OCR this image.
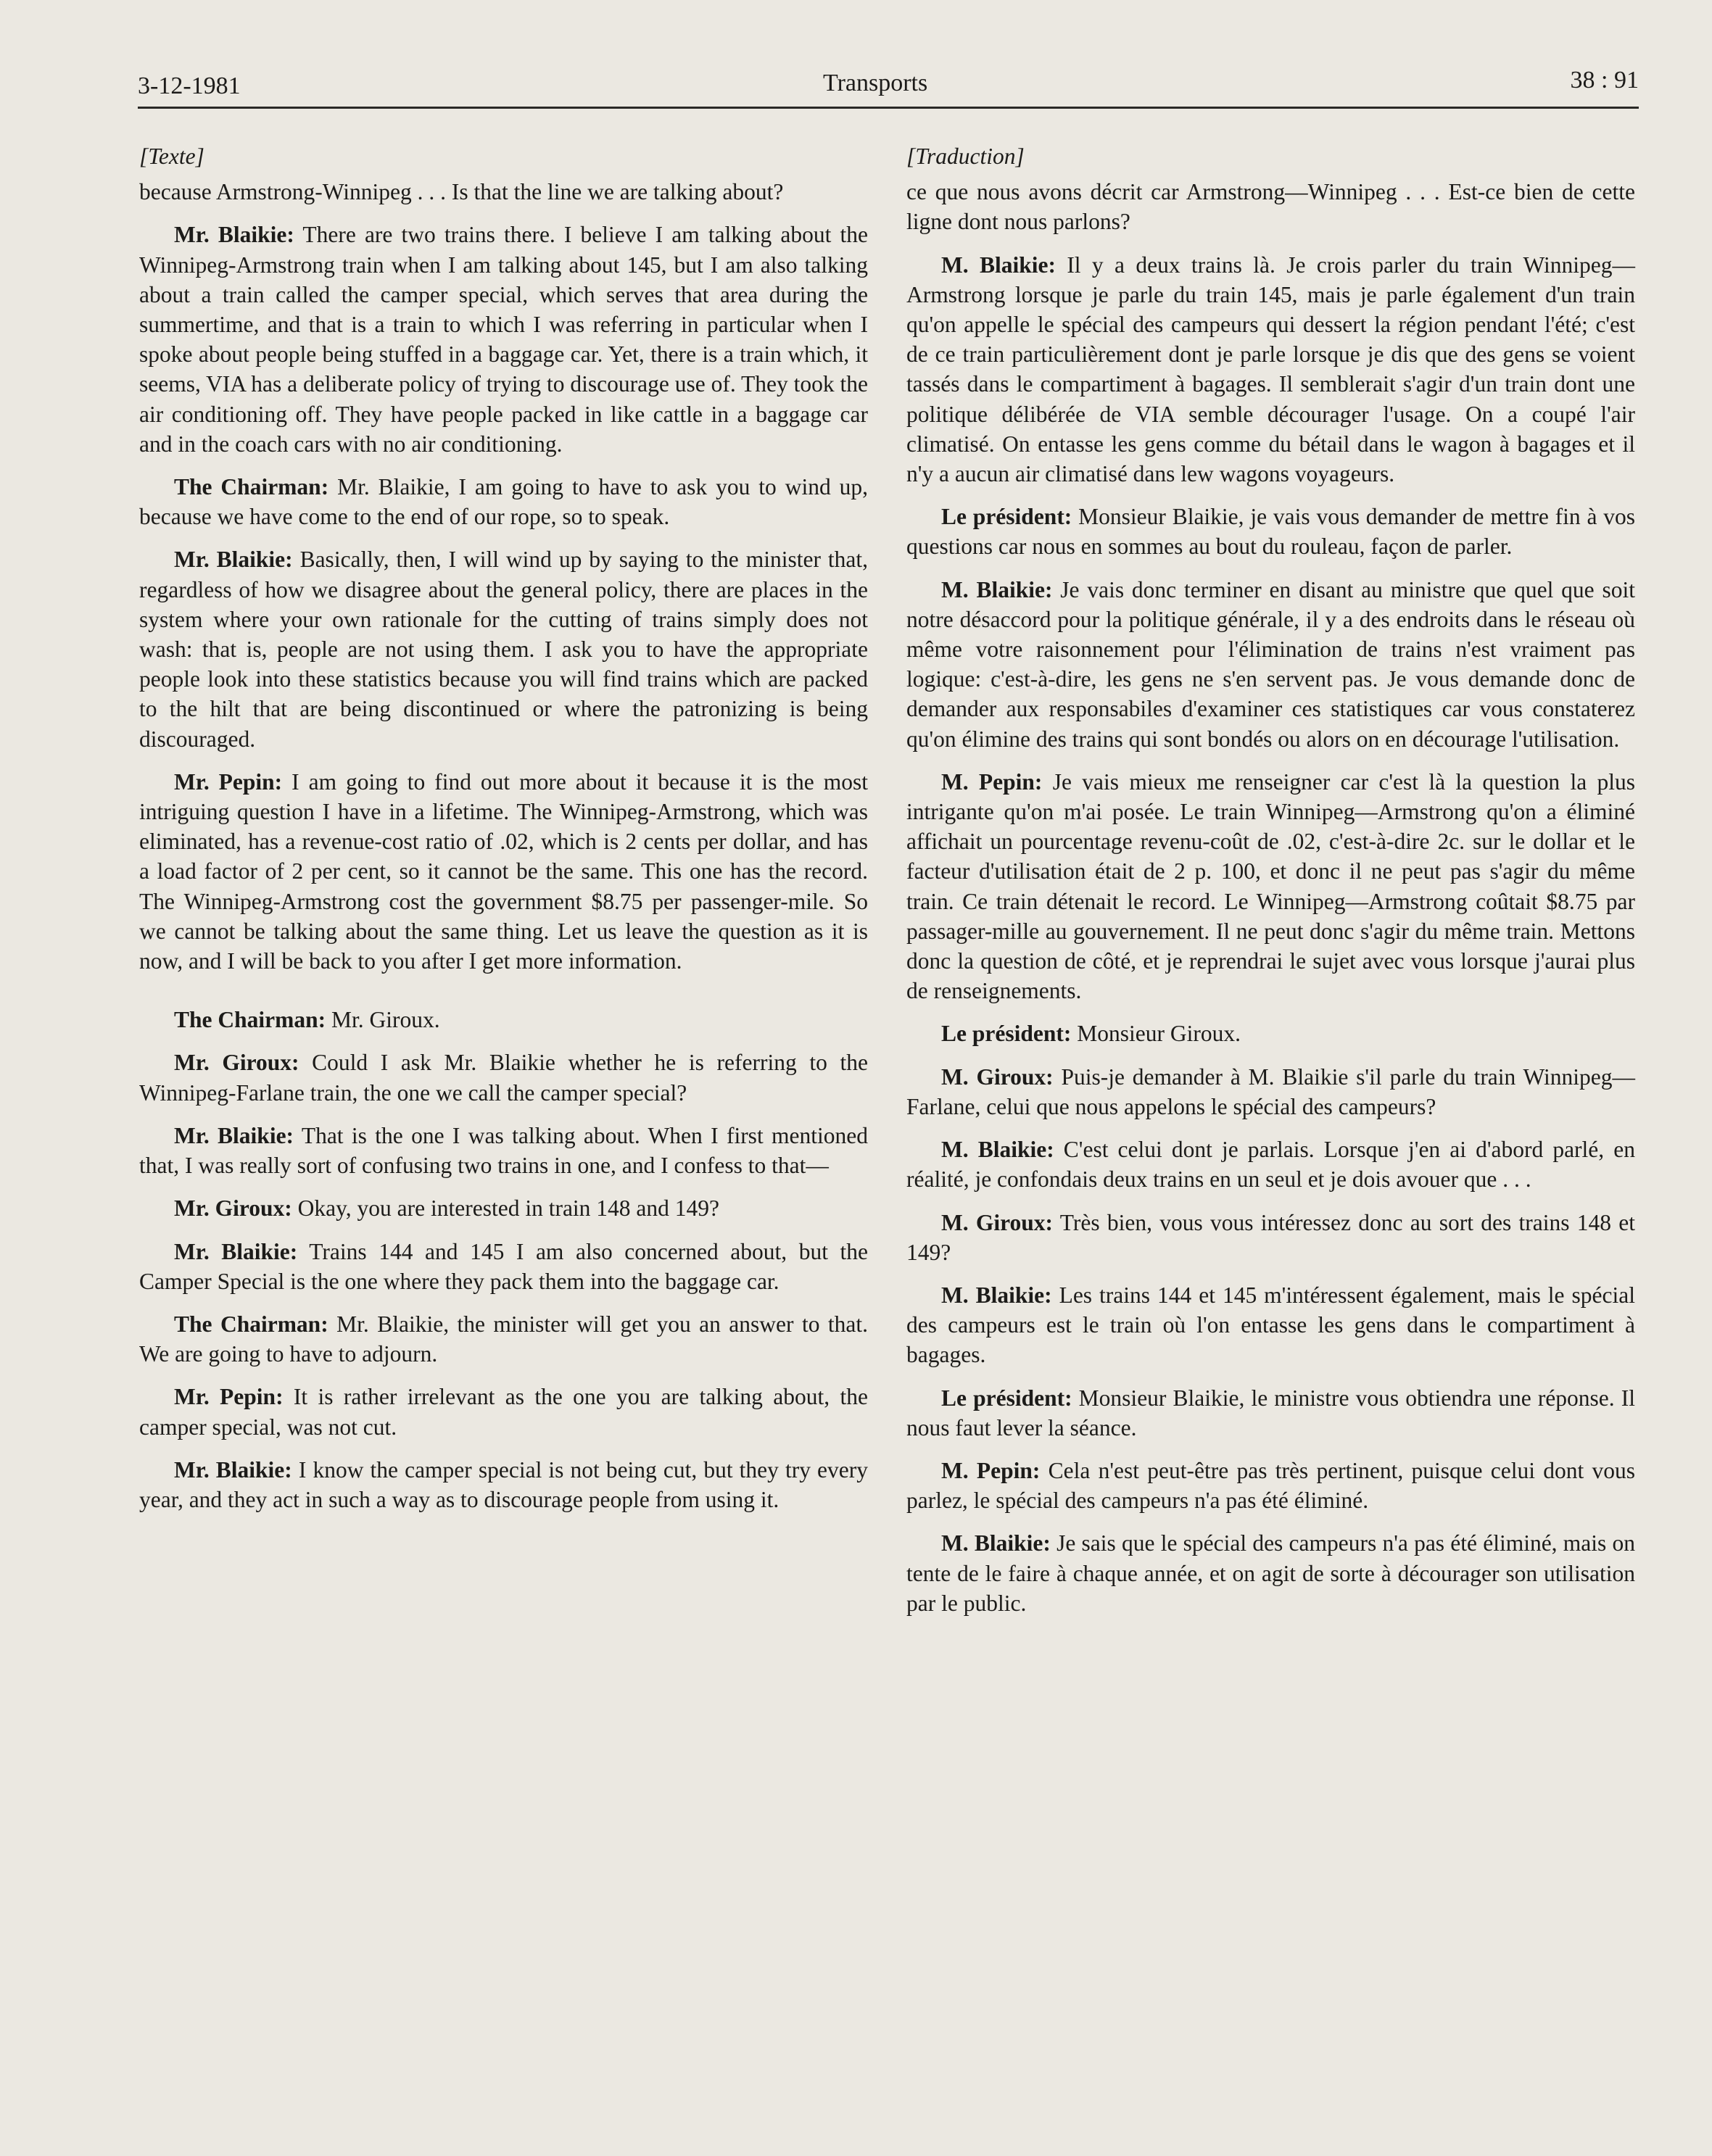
3-12-1981	Transports	38 : 91
[Texte]

because Armstrong-Winnipeg . . . Is that the line we are talking about?

Mr. Blaikie: There are two trains there. I believe I am talking about the Winnipeg-Armstrong train when I am talking about 145, but I am also talking about a train called the camper special, which serves that area during the summertime, and that is a train to which I was referring in particular when I spoke about people being stuffed in a baggage car. Yet, there is a train which, it seems, VIA has a deliberate policy of trying to discourage use of. They took the air conditioning off. They have people packed in like cattle in a baggage car and in the coach cars with no air conditioning.

The Chairman: Mr. Blaikie, I am going to have to ask you to wind up, because we have come to the end of our rope, so to speak.

Mr. Blaikie: Basically, then, I will wind up by saying to the minister that, regardless of how we disagree about the general policy, there are places in the system where your own rationale for the cutting of trains simply does not wash: that is, people are not using them. I ask you to have the appropriate people look into these statistics because you will find trains which are packed to the hilt that are being discontinued or where the patronizing is being discouraged.

Mr. Pepin: I am going to find out more about it because it is the most intriguing question I have in a lifetime. The Winnipeg-Armstrong, which was eliminated, has a revenue-cost ratio of .02, which is 2 cents per dollar, and has a load factor of 2 per cent, so it cannot be the same. This one has the record. The Winnipeg-Armstrong cost the government $8.75 per passenger-mile. So we cannot be talking about the same thing. Let us leave the question as it is now, and I will be back to you after I get more information.

The Chairman: Mr. Giroux.

Mr. Giroux: Could I ask Mr. Blaikie whether he is referring to the Winnipeg-Farlane train, the one we call the camper special?

Mr. Blaikie: That is the one I was talking about. When I first mentioned that, I was really sort of confusing two trains in one, and I confess to that—

Mr. Giroux: Okay, you are interested in train 148 and 149?

Mr. Blaikie: Trains 144 and 145 I am also concerned about, but the Camper Special is the one where they pack them into the baggage car.

The Chairman: Mr. Blaikie, the minister will get you an answer to that. We are going to have to adjourn.

Mr. Pepin: It is rather irrelevant as the one you are talking about, the camper special, was not cut.

Mr. Blaikie: I know the camper special is not being cut, but they try every year, and they act in such a way as to discourage people from using it.

[Traduction]

ce que nous avons décrit car Armstrong—Winnipeg . . . Est-ce bien de cette ligne dont nous parlons?

M. Blaikie: Il y a deux trains là. Je crois parler du train Winnipeg—Armstrong lorsque je parle du train 145, mais je parle également d'un train qu'on appelle le spécial des campeurs qui dessert la région pendant l'été; c'est de ce train particulièrement dont je parle lorsque je dis que des gens se voient tassés dans le compartiment à bagages. Il semblerait s'agir d'un train dont une politique délibérée de VIA semble décourager l'usage. On a coupé l'air climatisé. On entasse les gens comme du bétail dans le wagon à bagages et il n'y a aucun air climatisé dans lew wagons voyageurs.

Le président: Monsieur Blaikie, je vais vous demander de mettre fin à vos questions car nous en sommes au bout du rouleau, façon de parler.

M. Blaikie: Je vais donc terminer en disant au ministre que quel que soit notre désaccord pour la politique générale, il y a des endroits dans le réseau où même votre raisonnement pour l'élimination de trains n'est vraiment pas logique: c'est-à-dire, les gens ne s'en servent pas. Je vous demande donc de demander aux responsabiles d'examiner ces statistiques car vous constaterez qu'on élimine des trains qui sont bondés ou alors on en décourage l'utilisation.

M. Pepin: Je vais mieux me renseigner car c'est là la question la plus intrigante qu'on m'ai posée. Le train Winnipeg—Armstrong qu'on a éliminé affichait un pourcentage revenu-coût de .02, c'est-à-dire 2c. sur le dollar et le facteur d'utilisation était de 2 p. 100, et donc il ne peut pas s'agir du même train. Ce train détenait le record. Le Winnipeg—Armstrong coûtait $8.75 par passager-mille au gouvernement. Il ne peut donc s'agir du même train. Mettons donc la question de côté, et je reprendrai le sujet avec vous lorsque j'aurai plus de renseignements.

Le président: Monsieur Giroux.

M. Giroux: Puis-je demander à M. Blaikie s'il parle du train Winnipeg—Farlane, celui que nous appelons le spécial des campeurs?

M. Blaikie: C'est celui dont je parlais. Lorsque j'en ai d'abord parlé, en réalité, je confondais deux trains en un seul et je dois avouer que . . .

M. Giroux: Très bien, vous vous intéressez donc au sort des trains 148 et 149?

M. Blaikie: Les trains 144 et 145 m'intéressent également, mais le spécial des campeurs est le train où l'on entasse les gens dans le compartiment à bagages.

Le président: Monsieur Blaikie, le ministre vous obtiendra une réponse. Il nous faut lever la séance.

M. Pepin: Cela n'est peut-être pas très pertinent, puisque celui dont vous parlez, le spécial des campeurs n'a pas été éliminé.

M. Blaikie: Je sais que le spécial des campeurs n'a pas été éliminé, mais on tente de le faire à chaque année, et on agit de sorte à décourager son utilisation par le public.
